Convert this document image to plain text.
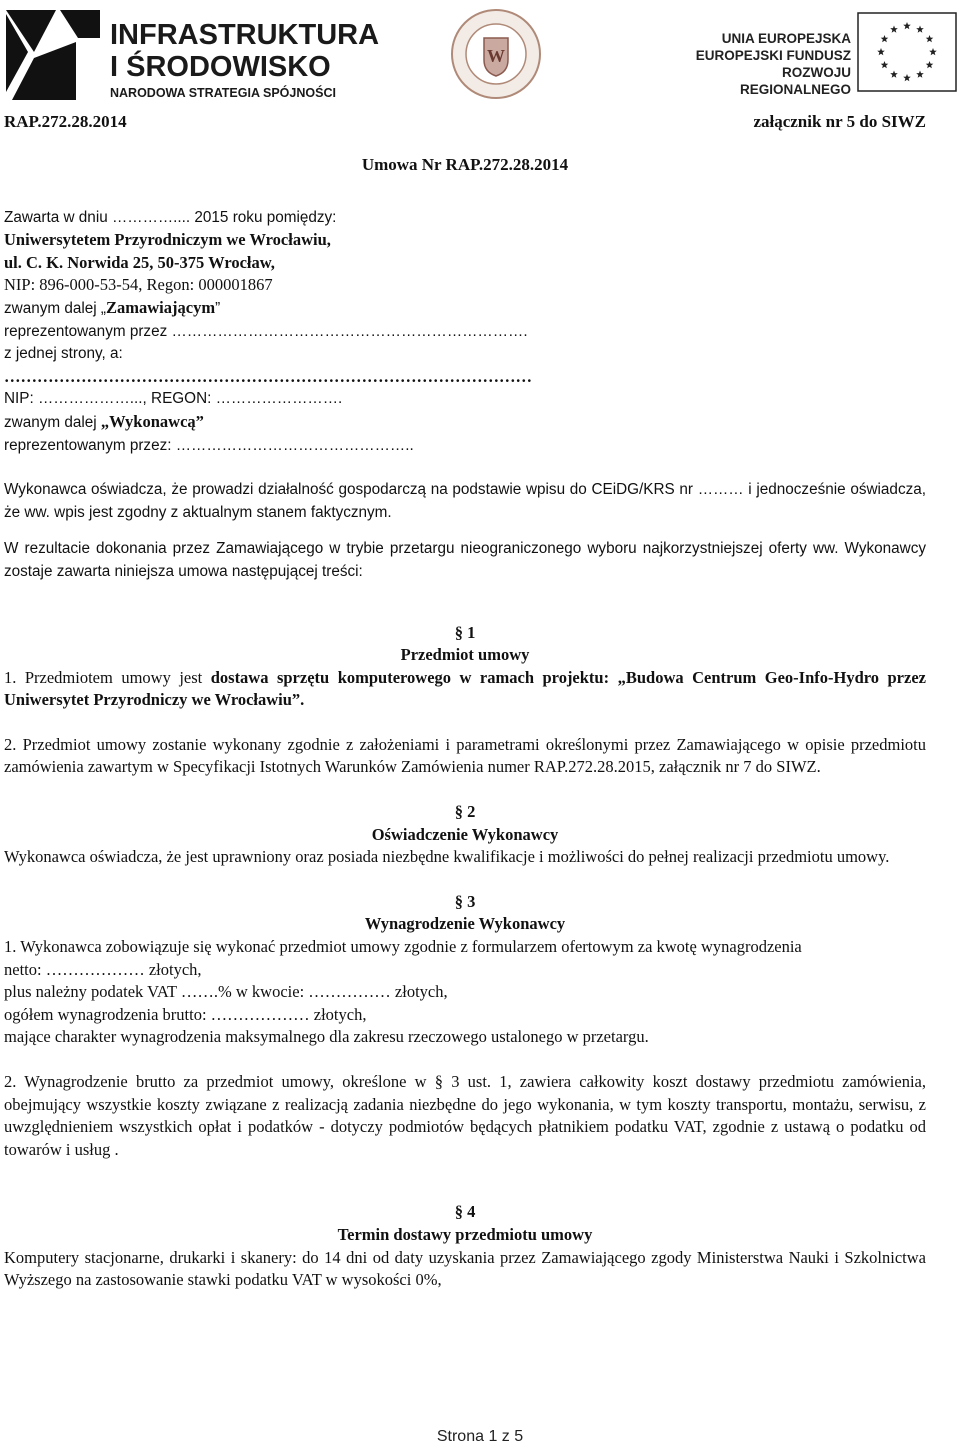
INFRASTRUKTURA
I ŚRODOWISKO
NARODOWA STRATEGIA SPÓJNOŚCI
W
UNIA EUROPEJSKA
EUROPEJSKI FUNDUSZ
ROZWOJU REGIONALNEGO
RAP.272.28.2014	załącznik nr 5 do SIWZ

Umowa Nr RAP.272.28.2014

Zawarta w dniu ………….... 2015 roku pomiędzy:

Uniwersytetem Przyrodniczym we Wrocławiu,

ul. C. K. Norwida 25, 50-375 Wrocław,

NIP: 896-000-53-54, Regon: 000001867

zwanym dalej „Zamawiającym”

reprezentowanym przez …………………………………………………………….

z jednej strony, a:

……………………………………………………………………………………

NIP: ………………..., REGON: …………………….

zwanym dalej „Wykonawcą”

reprezentowanym przez: ………………………………………..

Wykonawca oświadcza, że prowadzi działalność gospodarczą na podstawie wpisu do CEiDG/KRS nr ……… i jednocześnie oświadcza, że ww. wpis jest zgodny z aktualnym stanem faktycznym.

W rezultacie dokonania przez Zamawiającego w trybie przetargu nieograniczonego wyboru najkorzystniejszej oferty ww. Wykonawcy zostaje zawarta niniejsza umowa następującej treści:

§ 1

Przedmiot umowy

1. Przedmiotem umowy jest dostawa sprzętu komputerowego w ramach projektu: „Budowa Centrum Geo-Info-Hydro przez Uniwersytet Przyrodniczy we Wrocławiu”.

2. Przedmiot umowy zostanie wykonany zgodnie z założeniami i parametrami określonymi przez Zamawiającego w opisie przedmiotu zamówienia zawartym w Specyfikacji Istotnych Warunków Zamówienia numer RAP.272.28.2015, załącznik nr 7 do SIWZ.

§ 2

Oświadczenie Wykonawcy

Wykonawca oświadcza, że jest uprawniony oraz posiada niezbędne kwalifikacje i możliwości do pełnej realizacji przedmiotu umowy.

§ 3

Wynagrodzenie Wykonawcy

1. Wykonawca zobowiązuje się wykonać przedmiot umowy zgodnie z formularzem ofertowym za kwotę wynagrodzenia

netto: ……………… złotych,

plus należny podatek VAT …….% w kwocie: …………… złotych,

ogółem wynagrodzenia brutto: ……………… złotych,

mające charakter wynagrodzenia maksymalnego dla zakresu rzeczowego ustalonego w przetargu.

2. Wynagrodzenie brutto za przedmiot umowy, określone w § 3 ust. 1, zawiera całkowity koszt dostawy przedmiotu zamówienia, obejmujący wszystkie koszty związane z realizacją zadania niezbędne do jego wykonania, w tym koszty transportu, montażu, serwisu, z uwzględnieniem wszystkich opłat i podatków - dotyczy podmiotów będących płatnikiem podatku VAT, zgodnie z ustawą o podatku od towarów i usług .

§ 4

Termin dostawy przedmiotu umowy

Komputery stacjonarne, drukarki i skanery: do 14 dni od daty uzyskania przez Zamawiającego zgody Ministerstwa Nauki i Szkolnictwa Wyższego na zastosowanie stawki podatku VAT w wysokości 0%,

Strona 1 z 5
